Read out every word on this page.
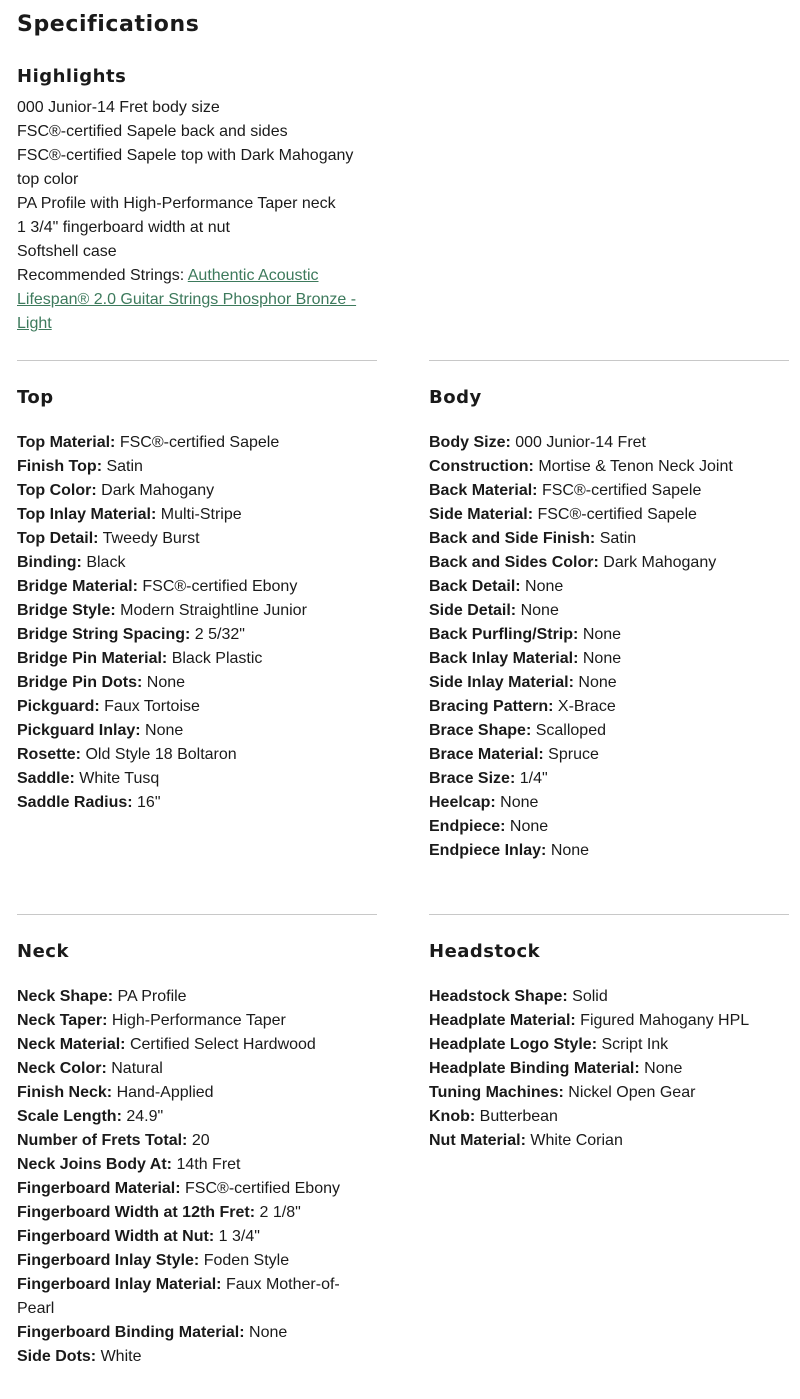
Specifications
Highlights
000 Junior-14 Fret body size
FSC®-certified Sapele back and sides
FSC®-certified Sapele top with Dark Mahogany top color
PA Profile with High-Performance Taper neck
1 3/4" fingerboard width at nut
Softshell case
Recommended Strings: Authentic Acoustic Lifespan® 2.0 Guitar Strings Phosphor Bronze - Light
Top
Top Material: FSC®-certified Sapele
Finish Top: Satin
Top Color: Dark Mahogany
Top Inlay Material: Multi-Stripe
Top Detail: Tweedy Burst
Binding: Black
Bridge Material: FSC®-certified Ebony
Bridge Style: Modern Straightline Junior
Bridge String Spacing: 2 5/32"
Bridge Pin Material: Black Plastic
Bridge Pin Dots: None
Pickguard: Faux Tortoise
Pickguard Inlay: None
Rosette: Old Style 18 Boltaron
Saddle: White Tusq
Saddle Radius: 16"
Body
Body Size: 000 Junior-14 Fret
Construction: Mortise & Tenon Neck Joint
Back Material: FSC®-certified Sapele
Side Material: FSC®-certified Sapele
Back and Side Finish: Satin
Back and Sides Color: Dark Mahogany
Back Detail: None
Side Detail: None
Back Purfling/Strip: None
Back Inlay Material: None
Side Inlay Material: None
Bracing Pattern: X-Brace
Brace Shape: Scalloped
Brace Material: Spruce
Brace Size: 1/4"
Heelcap: None
Endpiece: None
Endpiece Inlay: None
Neck
Neck Shape: PA Profile
Neck Taper: High-Performance Taper
Neck Material: Certified Select Hardwood
Neck Color: Natural
Finish Neck: Hand-Applied
Scale Length: 24.9"
Number of Frets Total: 20
Neck Joins Body At: 14th Fret
Fingerboard Material: FSC®-certified Ebony
Fingerboard Width at 12th Fret: 2 1/8"
Fingerboard Width at Nut: 1 3/4"
Fingerboard Inlay Style: Foden Style
Fingerboard Inlay Material: Faux Mother-of-Pearl
Fingerboard Binding Material: None
Side Dots: White
Headstock
Headstock Shape: Solid
Headplate Material: Figured Mahogany HPL
Headplate Logo Style: Script Ink
Headplate Binding Material: None
Tuning Machines: Nickel Open Gear
Knob: Butterbean
Nut Material: White Corian
